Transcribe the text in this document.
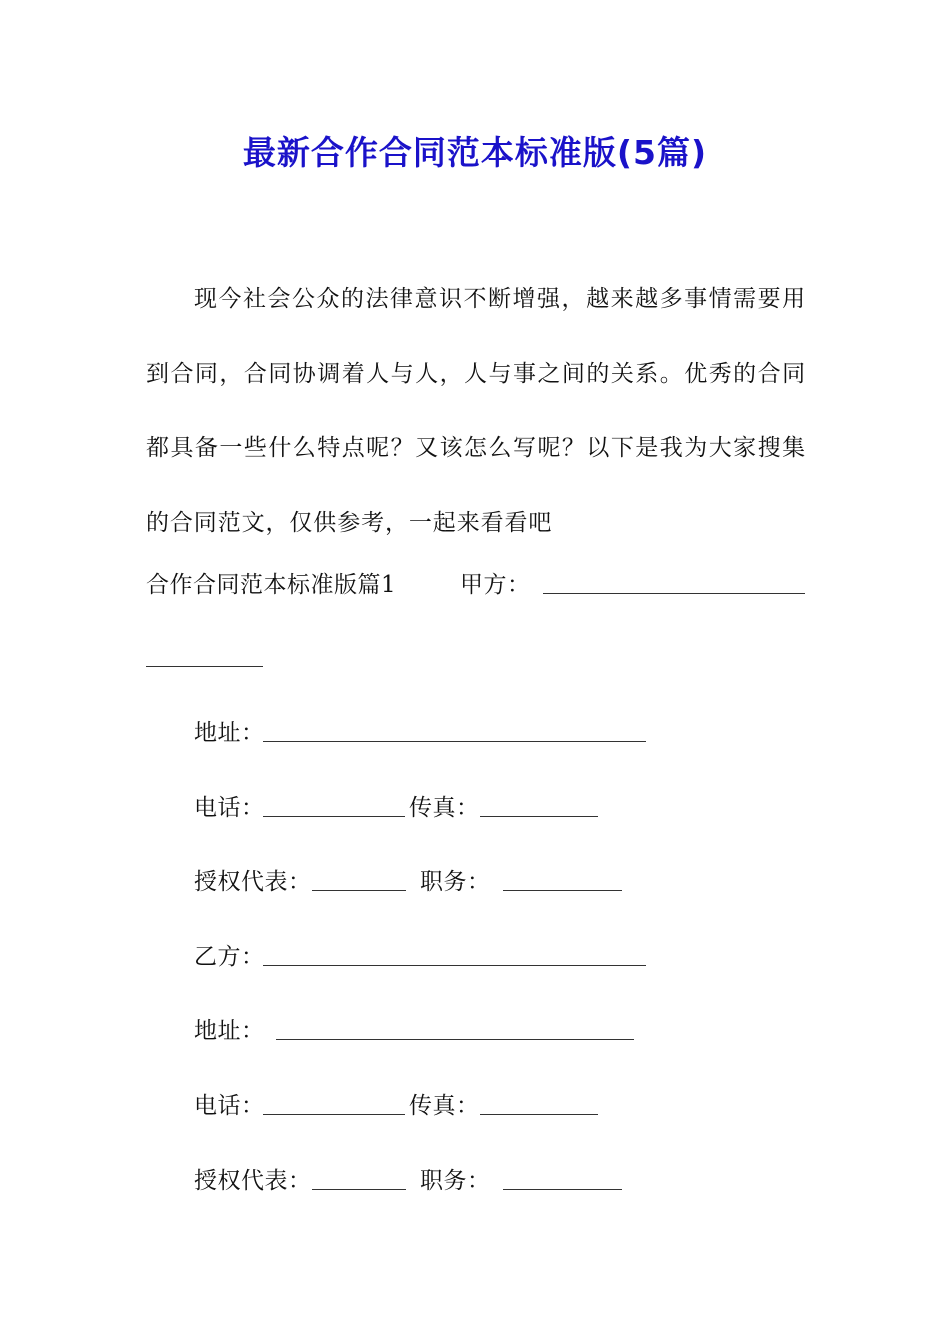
最新合作合同范本标准版(5篇)

现今社会公众的法律意识不断增强，越来越多事情需要用到合同，合同协调着人与人，人与事之间的关系。优秀的合同都具备一些什么特点呢？又该怎么写呢？以下是我为大家搜集的合同范文，仅供参考，一起来看看吧

合作合同范本标准版篇1	甲方：
地址：
电话：	传真：
授权代表：	职务：
乙方：
地址：
电话：	传真：
授权代表：	职务：
